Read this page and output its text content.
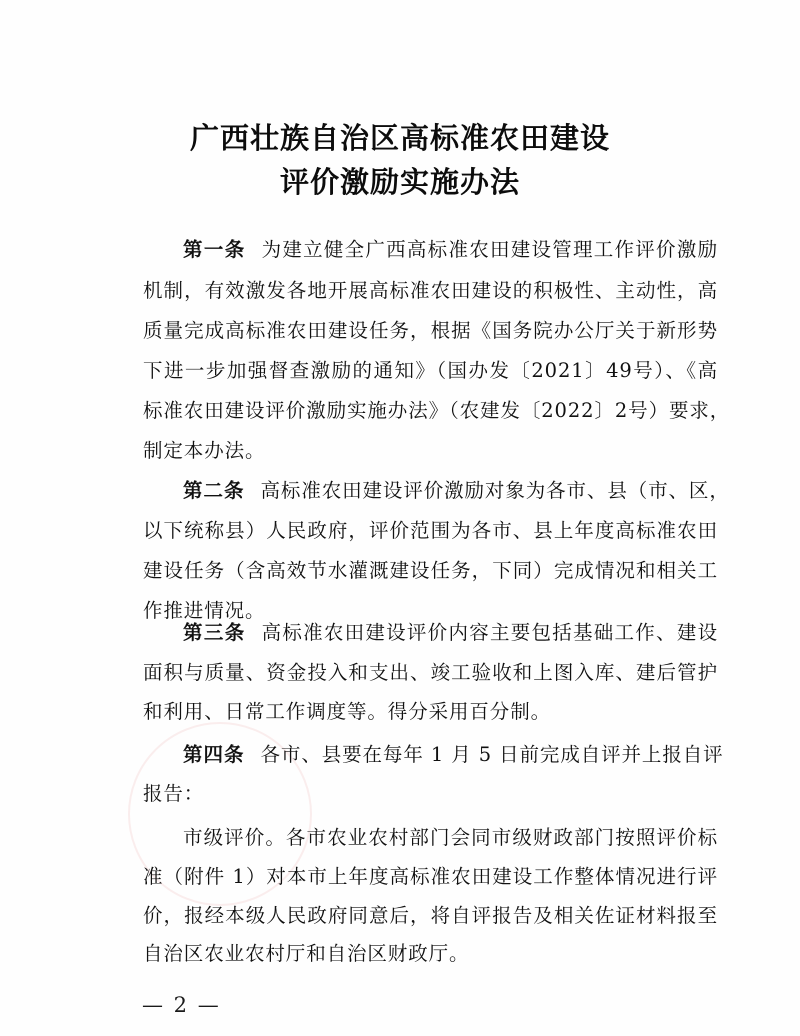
广西壮族自治区高标准农田建设
评价激励实施办法
第一条 为建立健全广西高标准农田建设管理工作评价激励
机制，有效激发各地开展高标准农田建设的积极性、主动性，高
质量完成高标准农田建设任务，根据《国务院办公厅关于新形势
下进一步加强督查激励的通知》（国办发〔2021〕49号）、《高
标准农田建设评价激励实施办法》（农建发〔2022〕2号）要求，
制定本办法。
第二条 高标准农田建设评价激励对象为各市、县（市、区，
以下统称县）人民政府，评价范围为各市、县上年度高标准农田
建设任务（含高效节水灌溉建设任务，下同）完成情况和相关工
作推进情况。
第三条 高标准农田建设评价内容主要包括基础工作、建设
面积与质量、资金投入和支出、竣工验收和上图入库、建后管护
和利用、日常工作调度等。得分采用百分制。
第四条 各市、县要在每年 1 月 5 日前完成自评并上报自评
报告：
市级评价。各市农业农村部门会同市级财政部门按照评价标
准（附件 1）对本市上年度高标准农田建设工作整体情况进行评
价，报经本级人民政府同意后，将自评报告及相关佐证材料报至
自治区农业农村厅和自治区财政厅。
— 2 —
